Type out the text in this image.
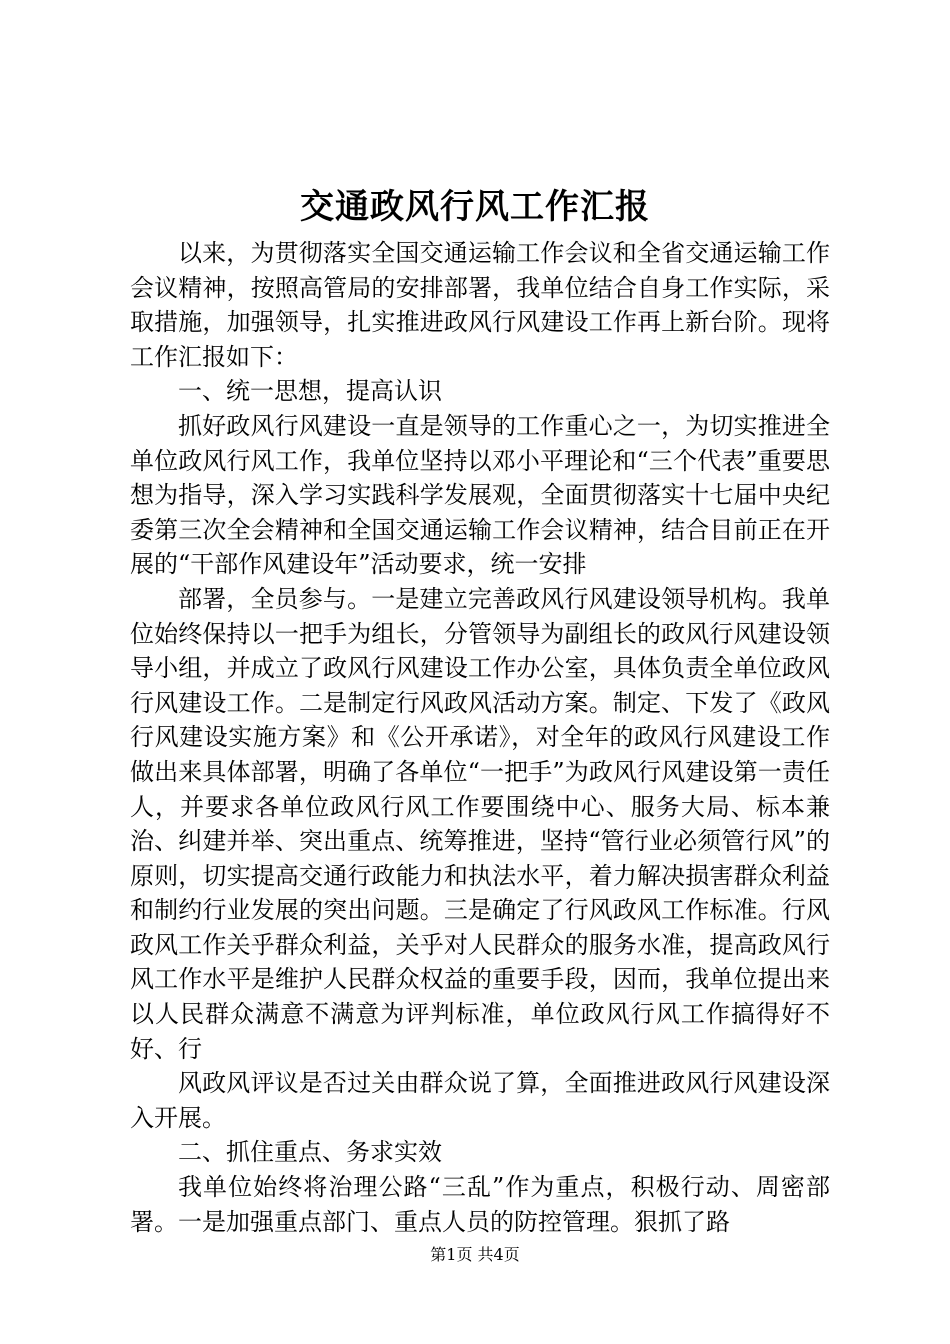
交通政风行风工作汇报

以来，为贯彻落实全国交通运输工作会议和全省交通运输工作会议精神，按照高管局的安排部署，我单位结合自身工作实际，采取措施，加强领导，扎实推进政风行风建设工作再上新台阶。现将工作汇报如下：

一、统一思想，提高认识

抓好政风行风建设一直是领导的工作重心之一，为切实推进全单位政风行风工作，我单位坚持以邓小平理论和“三个代表”重要思想为指导，深入学习实践科学发展观，全面贯彻落实十七届中央纪委第三次全会精神和全国交通运输工作会议精神，结合目前正在开展的“干部作风建设年”活动要求，统一安排

部署，全员参与。一是建立完善政风行风建设领导机构。我单位始终保持以一把手为组长，分管领导为副组长的政风行风建设领导小组，并成立了政风行风建设工作办公室，具体负责全单位政风行风建设工作。二是制定行风政风活动方案。制定、下发了《政风行风建设实施方案》和《公开承诺》，对全年的政风行风建设工作做出来具体部署，明确了各单位“一把手”为政风行风建设第一责任人，并要求各单位政风行风工作要围绕中心、服务大局、标本兼治、纠建并举、突出重点、统筹推进，坚持“管行业必须管行风”的原则，切实提高交通行政能力和执法水平，着力解决损害群众利益和制约行业发展的突出问题。三是确定了行风政风工作标准。行风政风工作关乎群众利益，关乎对人民群众的服务水准，提高政风行风工作水平是维护人民群众权益的重要手段，因而，我单位提出来以人民群众满意不满意为评判标准，单位政风行风工作搞得好不好、行

风政风评议是否过关由群众说了算，全面推进政风行风建设深入开展。

二、抓住重点、务求实效

我单位始终将治理公路“三乱”作为重点，积极行动、周密部署。一是加强重点部门、重点人员的防控管理。狠抓了路

第1页 共4页
